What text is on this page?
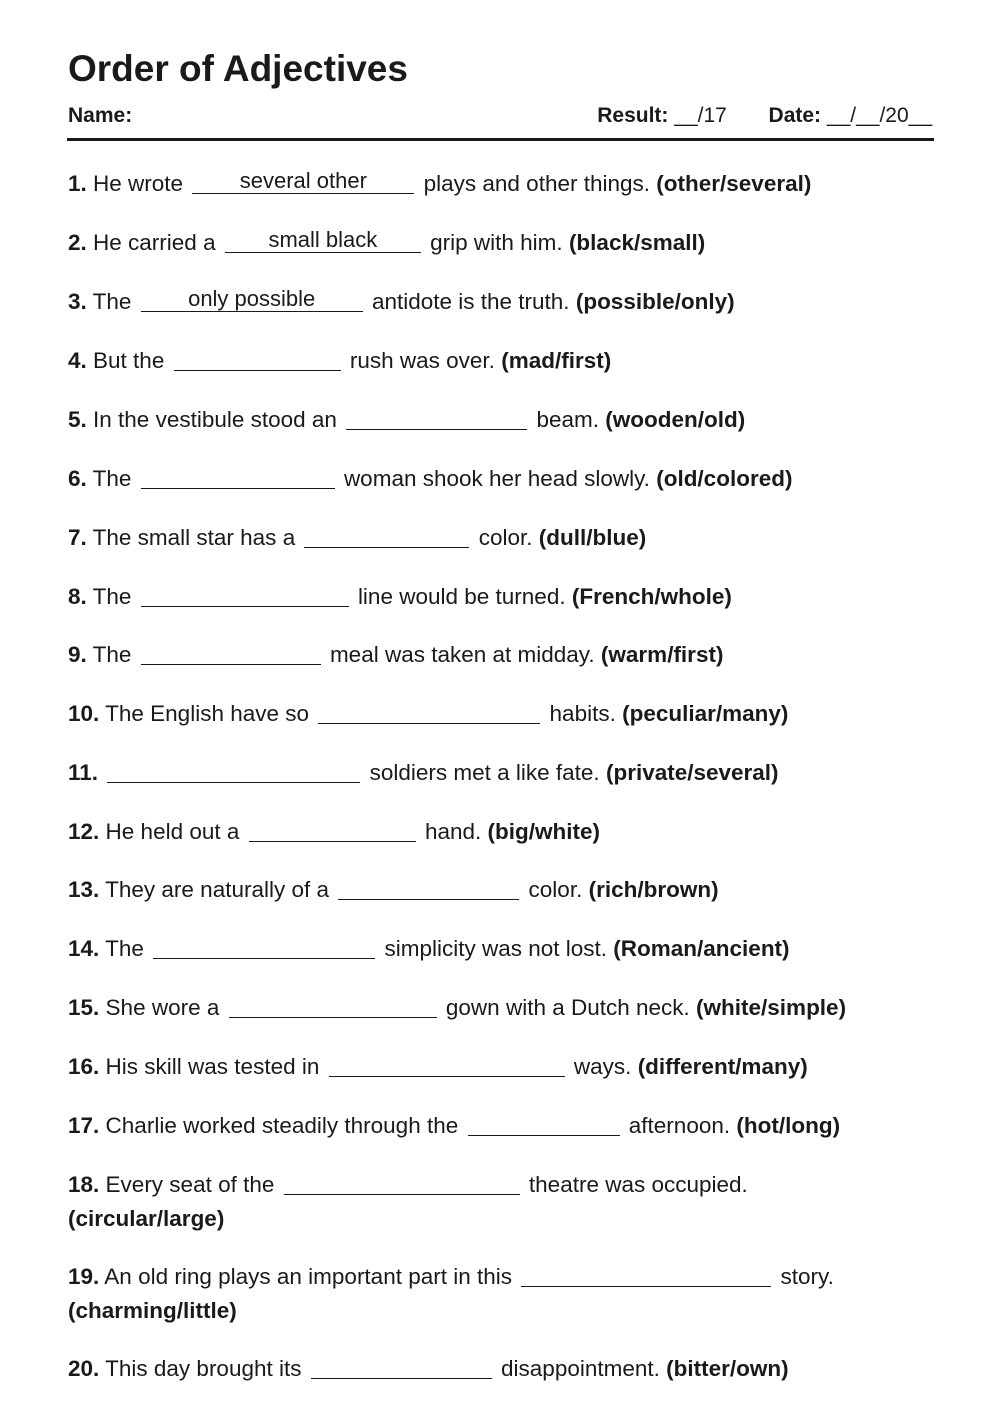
Order of Adjectives
Name:	Result: __/17 Date: __/__/20__
1. He wrote	several other	plays and other things. (other/several)
2. He carried a	small black	grip with him. (black/small)
3. The	only possible	antidote is the truth. (possible/only)
4. But the	rush was over. (mad/first)
5. In the vestibule stood an	beam. (wooden/old)
6. The	woman shook her head slowly. (old/colored)
7. The small star has a	color. (dull/blue)
8. The	line would be turned. (French/whole)
9. The	meal was taken at midday. (warm/first)
10. The English have so	habits. (peculiar/many)
11.	soldiers met a like fate. (private/several)
12. He held out a	hand. (big/white)
13. They are naturally of a	color. (rich/brown)
14. The	simplicity was not lost. (Roman/ancient)
15. She wore a	gown with a Dutch neck. (white/simple)
16. His skill was tested in	ways. (different/many)
17. Charlie worked steadily through the	afternoon. (hot/long)
18. Every seat of the	theatre was occupied.
(circular/large)
19. An old ring plays an important part in this	story.
(charming/little)
20. This day brought its	disappointment. (bitter/own)
